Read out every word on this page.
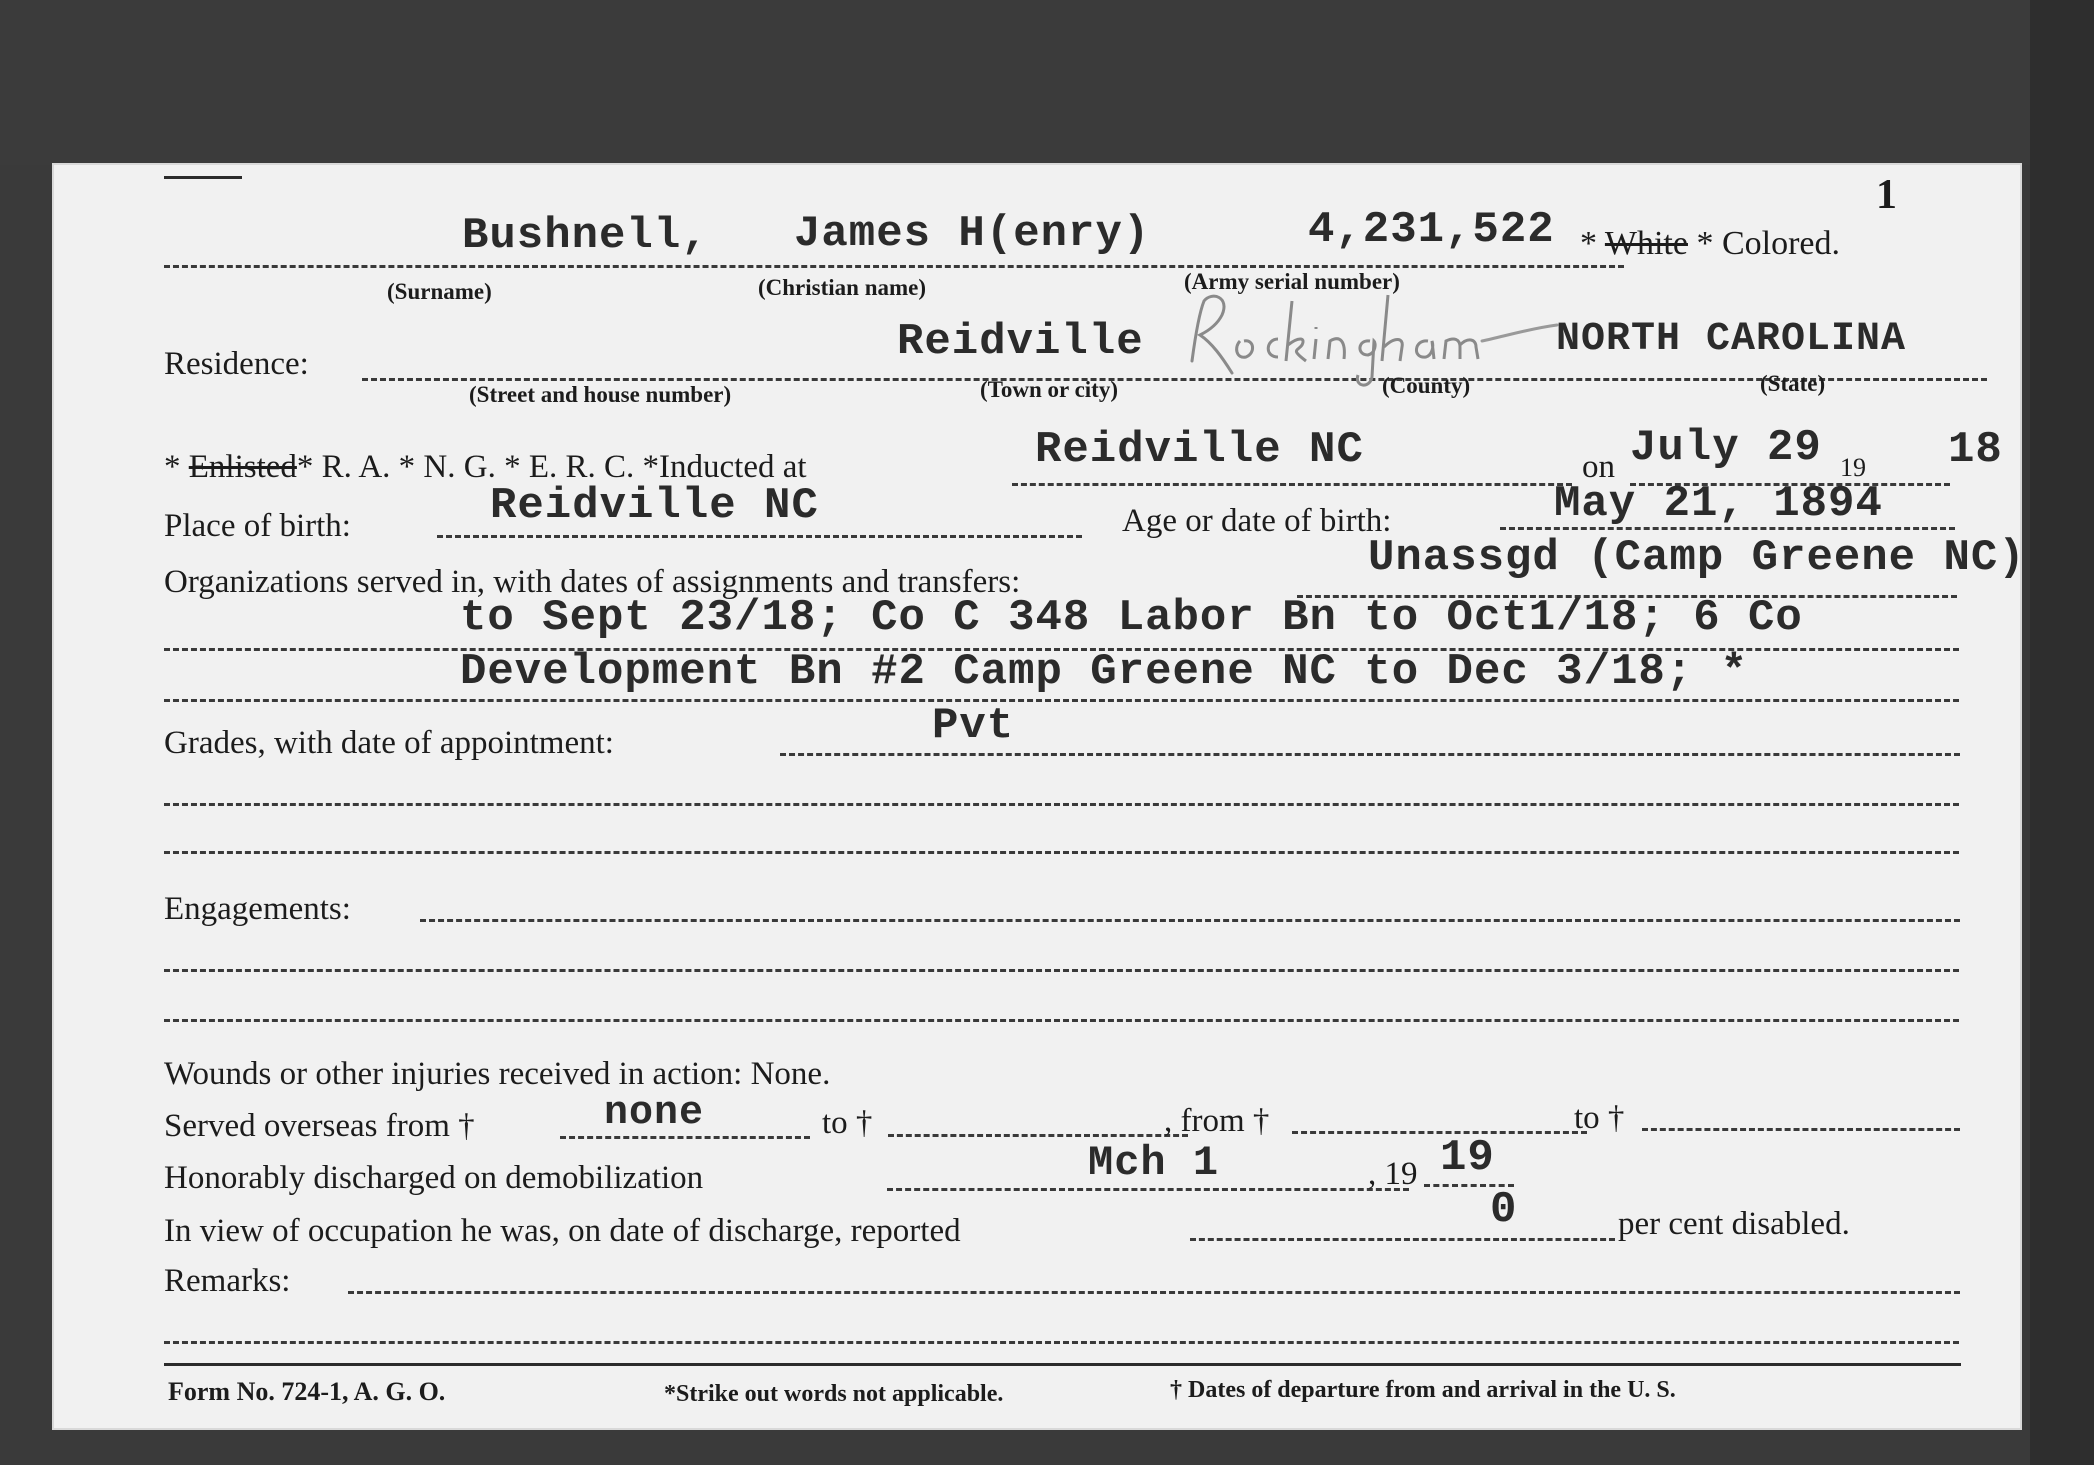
1
Bushnell, James H(enry)	4,231,522 * White * Colored.
(Surname)	(Christian name)	(Army serial number)
Residence:	Reidville	NORTH CAROLINA
(Street and house number)	(Town or city)	(County)	(State)
* Enlisted* R. A. * N. G. * E. R. C. *Inducted at	Reidville NC	on July 29 19 18
Place of birth:	Reidville NC	Age or date of birth:	May 21, 1894
Organizations served in, with dates of assignments and transfers:	Unassgd (Camp Greene NC)
to Sept 23/18; Co C 348 Labor Bn to Oct1/18; 6 Co
Development Bn #2 Camp Greene NC to Dec 3/18; *
Grades, with date of appointment:	Pvt
Engagements:
Wounds or other injuries received in action: None.
Served overseas from †	none	to †	, from †	to †
Honorably discharged on demobilization	Mch 1	, 19 19
In view of occupation he was, on date of discharge, reported	0	per cent disabled.
Remarks:
Form No. 724-1, A. G. O.	*Strike out words not applicable.	† Dates of departure from and arrival in the U. S.
